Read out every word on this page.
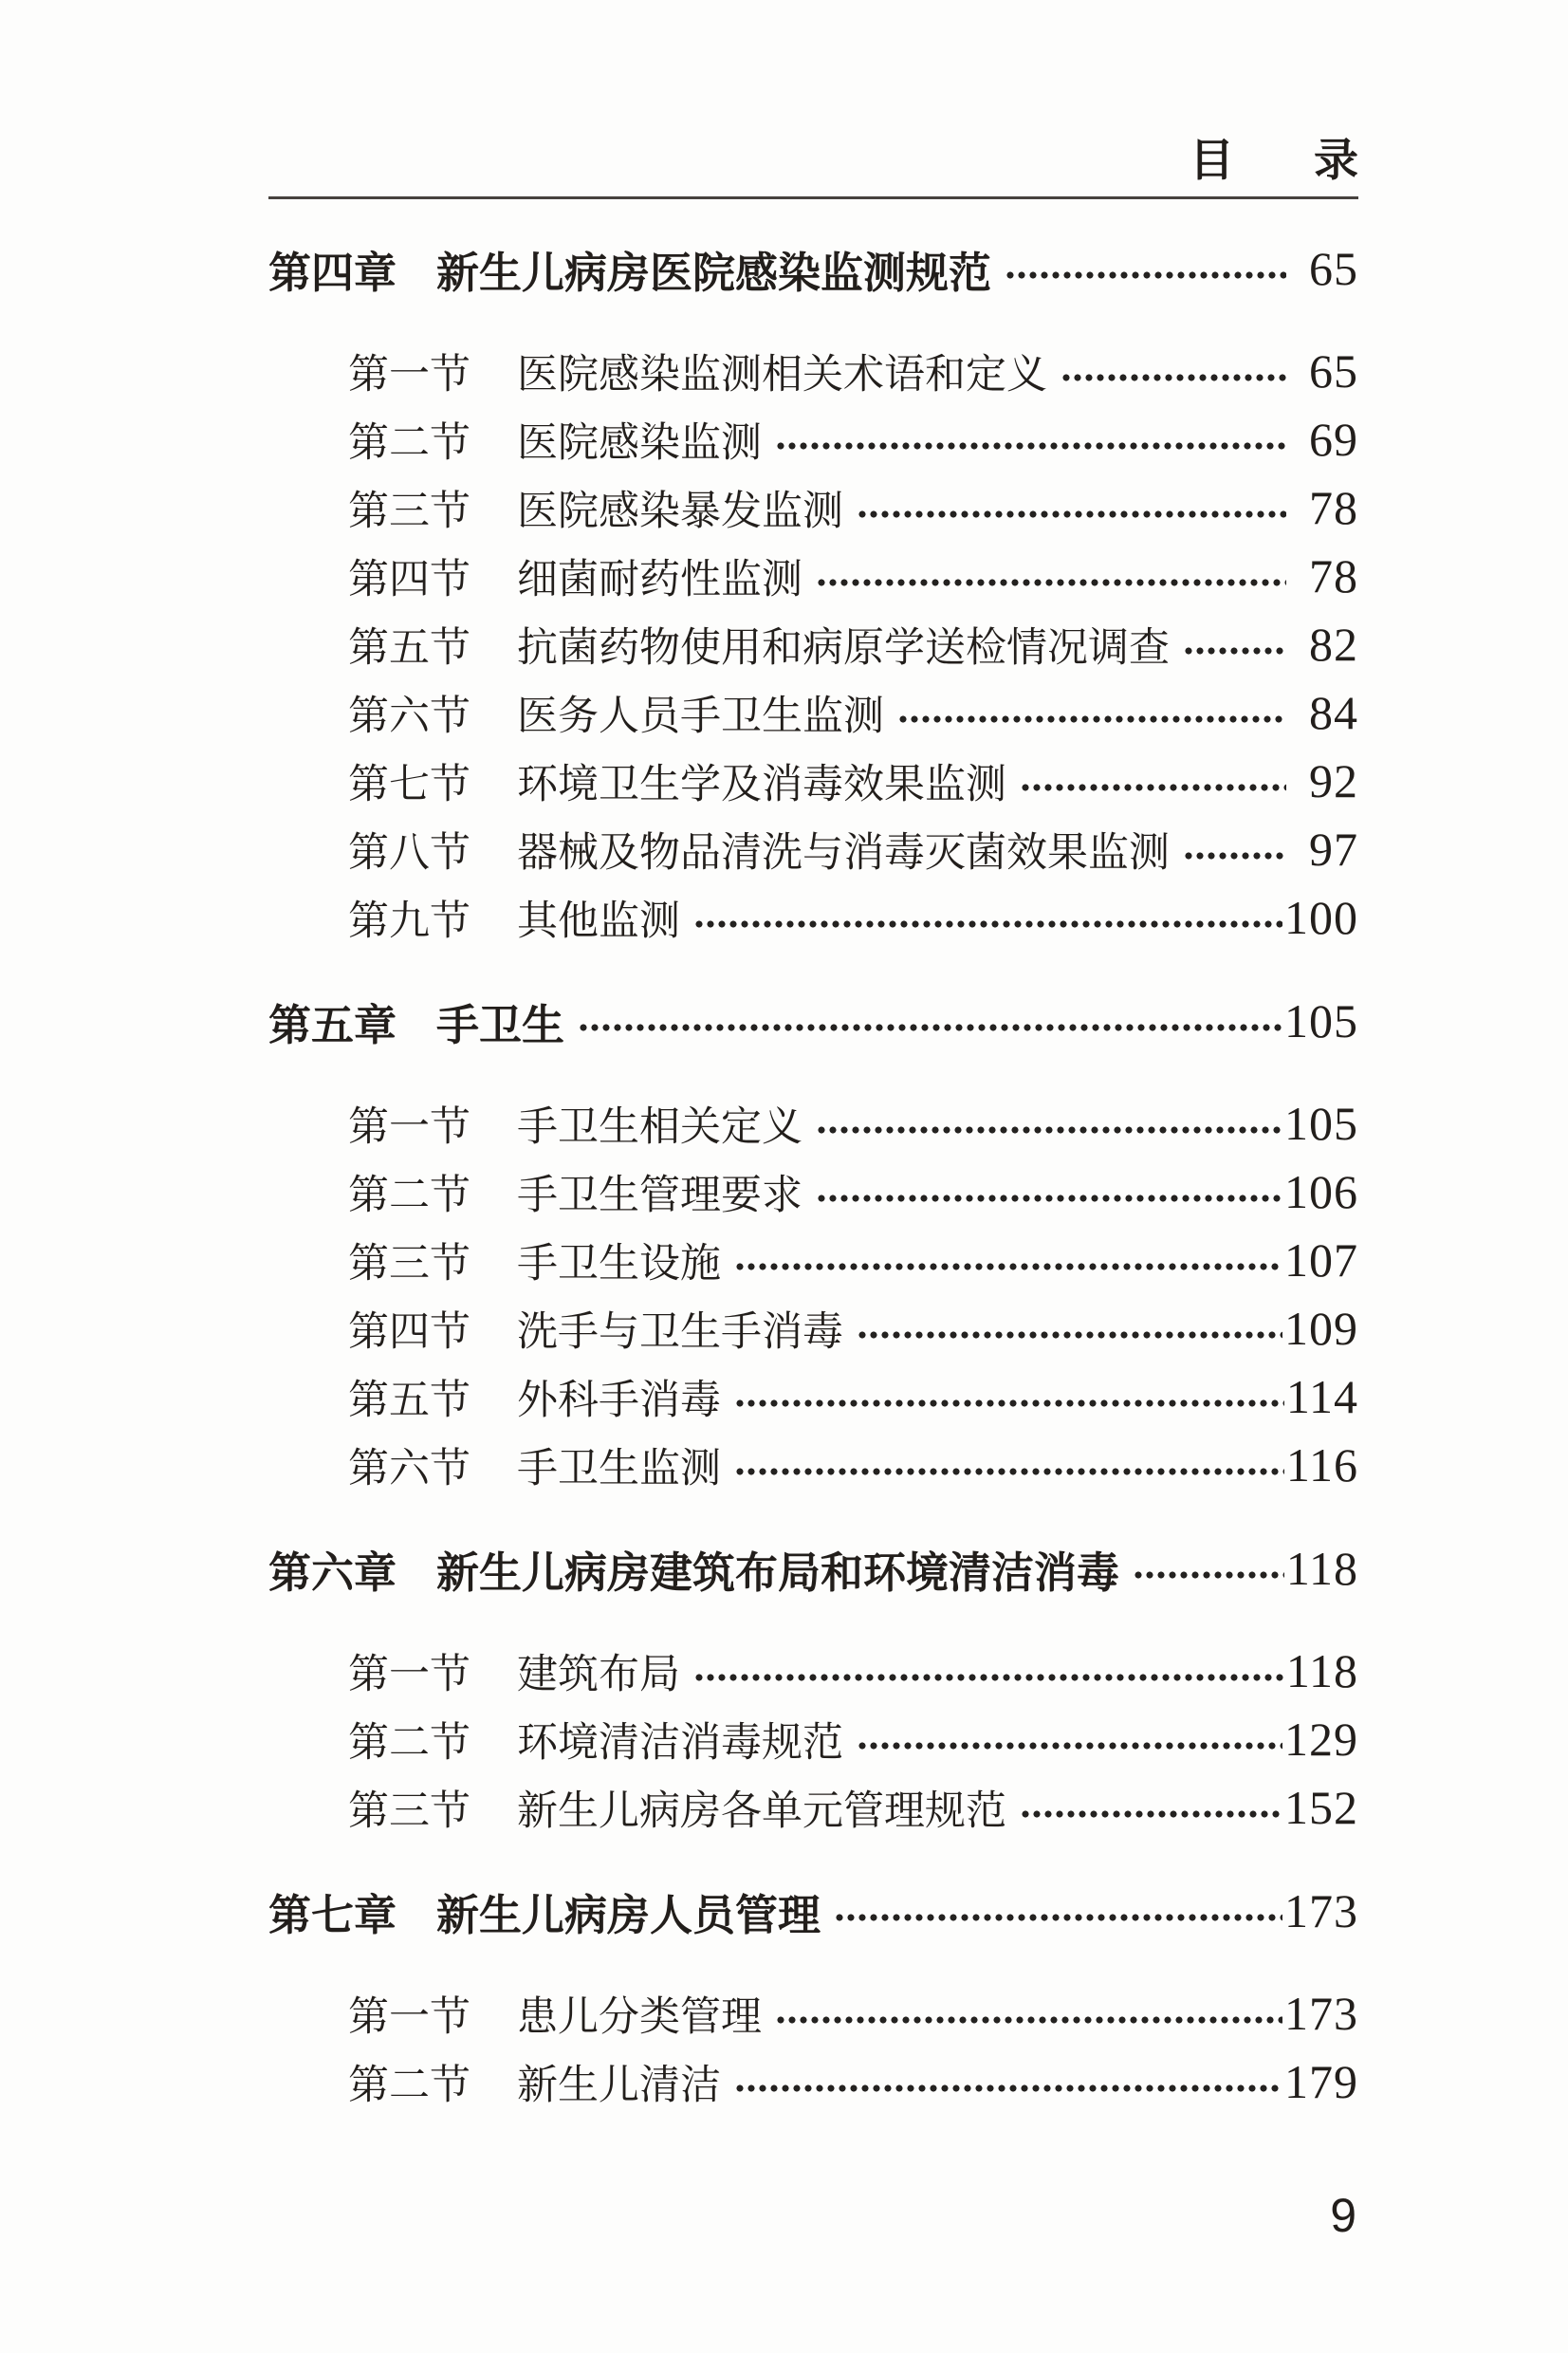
目 录
第四章 新生儿病房医院感染监测规范	65
第一节 医院感染监测相关术语和定义	65
第二节 医院感染监测	69
第三节 医院感染暴发监测	78
第四节 细菌耐药性监测	78
第五节 抗菌药物使用和病原学送检情况调查	82
第六节 医务人员手卫生监测	84
第七节 环境卫生学及消毒效果监测	92
第八节 器械及物品清洗与消毒灭菌效果监测	97
第九节 其他监测	100
第五章 手卫生	105
第一节 手卫生相关定义	105
第二节 手卫生管理要求	106
第三节 手卫生设施	107
第四节 洗手与卫生手消毒	109
第五节 外科手消毒	114
第六节 手卫生监测	116
第六章 新生儿病房建筑布局和环境清洁消毒	118
第一节 建筑布局	118
第二节 环境清洁消毒规范	129
第三节 新生儿病房各单元管理规范	152
第七章 新生儿病房人员管理	173
第一节 患儿分类管理	173
第二节 新生儿清洁	179
9
